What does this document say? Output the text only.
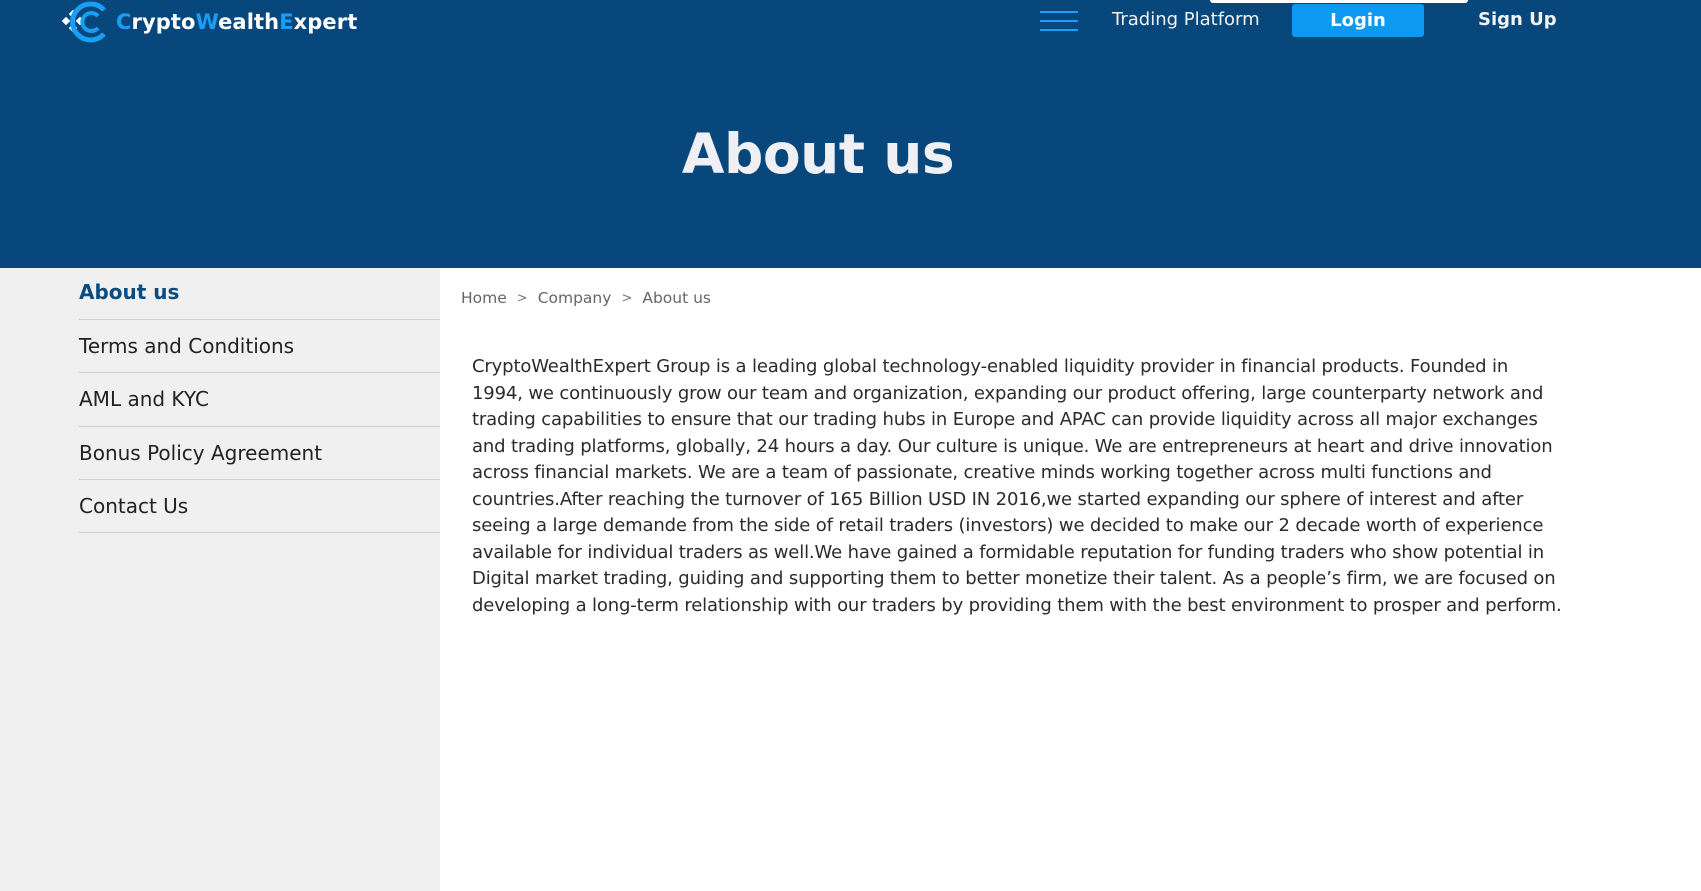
CryptoWealthExpert	Trading Platform	Login	Sign Up
About us
About us
Terms and Conditions
AML and KYC
Bonus Policy Agreement
Contact Us
Home > Company > About us

CryptoWealthExpert Group is a leading global technology-enabled liquidity provider in financial products. Founded in 1994, we continuously grow our team and organization, expanding our product offering, large counterparty network and trading capabilities to ensure that our trading hubs in Europe and APAC can provide liquidity across all major exchanges and trading platforms, globally, 24 hours a day. Our culture is unique. We are entrepreneurs at heart and drive innovation across financial markets. We are a team of passionate, creative minds working together across multi functions and countries.After reaching the turnover of 165 Billion USD IN 2016,we started expanding our sphere of interest and after seeing a large demande from the side of retail traders (investors) we decided to make our 2 decade worth of experience available for individual traders as well.We have gained a formidable reputation for funding traders who show potential in Digital market trading, guiding and supporting them to better monetize their talent. As a people’s firm, we are focused on developing a long-term relationship with our traders by providing them with the best environment to prosper and perform.
